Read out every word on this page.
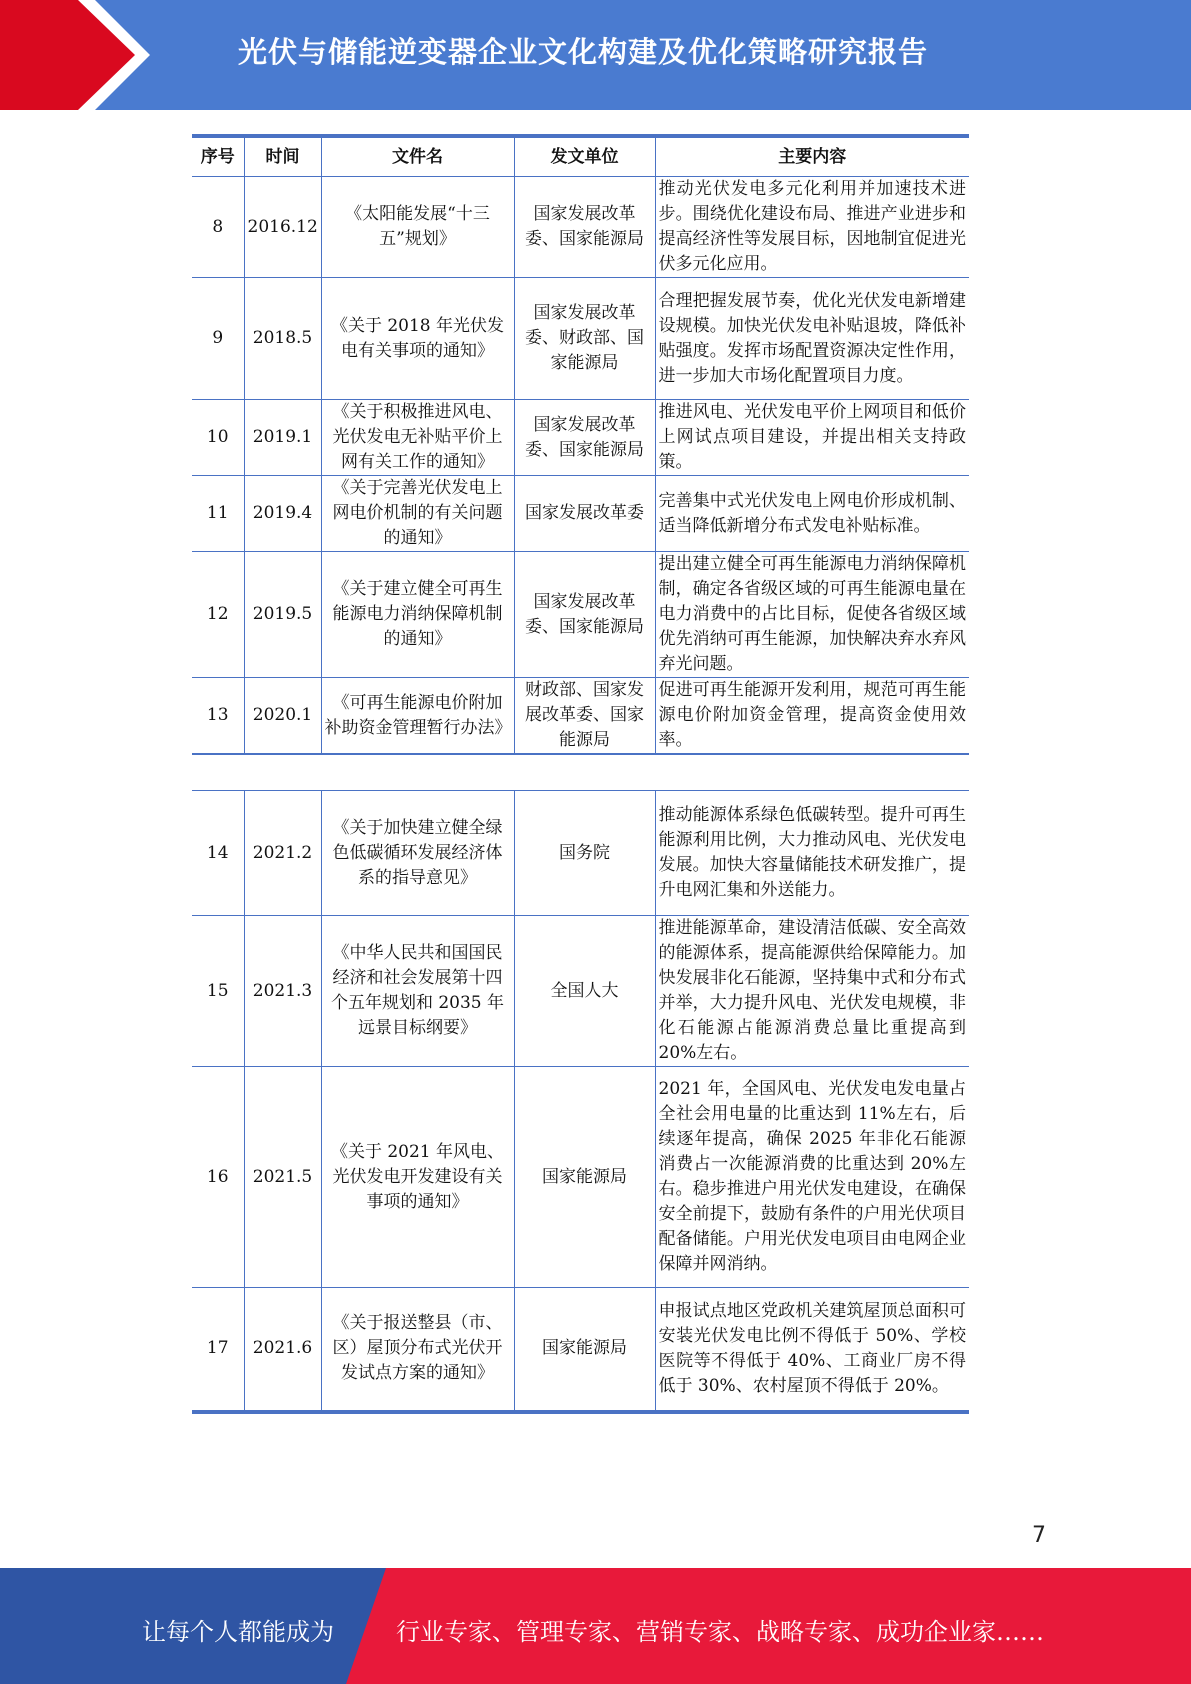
光伏与储能逆变器企业文化构建及优化策略研究报告
序号	时间	文件名	发文单位	主要内容
8	2016.12	《太阳能发展“十三五”规划》	国家发展改革委、国家能源局	推动光伏发电多元化利用并加速技术进步。围绕优化建设布局、推进产业进步和提高经济性等发展目标，因地制宜促进光伏多元化应用。
9	2018.5	《关于 2018 年光伏发电有关事项的通知》	国家发展改革委、财政部、国家能源局	合理把握发展节奏，优化光伏发电新增建设规模。加快光伏发电补贴退坡，降低补贴强度。发挥市场配置资源决定性作用，进一步加大市场化配置项目力度。
10	2019.1	《关于积极推进风电、光伏发电无补贴平价上网有关工作的通知》	国家发展改革委、国家能源局	推进风电、光伏发电平价上网项目和低价上网试点项目建设，并提出相关支持政策。
11	2019.4	《关于完善光伏发电上网电价机制的有关问题的通知》	国家发展改革委	完善集中式光伏发电上网电价形成机制、适当降低新增分布式发电补贴标准。
12	2019.5	《关于建立健全可再生能源电力消纳保障机制的通知》	国家发展改革委、国家能源局	提出建立健全可再生能源电力消纳保障机制，确定各省级区域的可再生能源电量在电力消费中的占比目标，促使各省级区域优先消纳可再生能源，加快解决弃水弃风弃光问题。
13	2020.1	《可再生能源电价附加补助资金管理暂行办法》	财政部、国家发展改革委、国家能源局	促进可再生能源开发利用，规范可再生能源电价附加资金管理，提高资金使用效率。
14	2021.2	《关于加快建立健全绿色低碳循环发展经济体系的指导意见》	国务院	推动能源体系绿色低碳转型。提升可再生能源利用比例，大力推动风电、光伏发电发展。加快大容量储能技术研发推广，提升电网汇集和外送能力。
15	2021.3	《中华人民共和国国民经济和社会发展第十四个五年规划和 2035 年远景目标纲要》	全国人大	推进能源革命，建设清洁低碳、安全高效的能源体系，提高能源供给保障能力。加快发展非化石能源，坚持集中式和分布式并举，大力提升风电、光伏发电规模，非化石能源占能源消费总量比重提高到 20%左右。
16	2021.5	《关于 2021 年风电、光伏发电开发建设有关事项的通知》	国家能源局	2021 年，全国风电、光伏发电发电量占全社会用电量的比重达到 11%左右，后续逐年提高，确保 2025 年非化石能源消费占一次能源消费的比重达到 20%左右。稳步推进户用光伏发电建设，在确保安全前提下，鼓励有条件的户用光伏项目配备储能。户用光伏发电项目由电网企业保障并网消纳。
17	2021.6	《关于报送整县（市、区）屋顶分布式光伏开发试点方案的通知》	国家能源局	申报试点地区党政机关建筑屋顶总面积可安装光伏发电比例不得低于 50%、学校医院等不得低于 40%、工商业厂房不得低于 30%、农村屋顶不得低于 20%。
7
让每个人都能成为	行业专家、管理专家、营销专家、战略专家、成功企业家……
